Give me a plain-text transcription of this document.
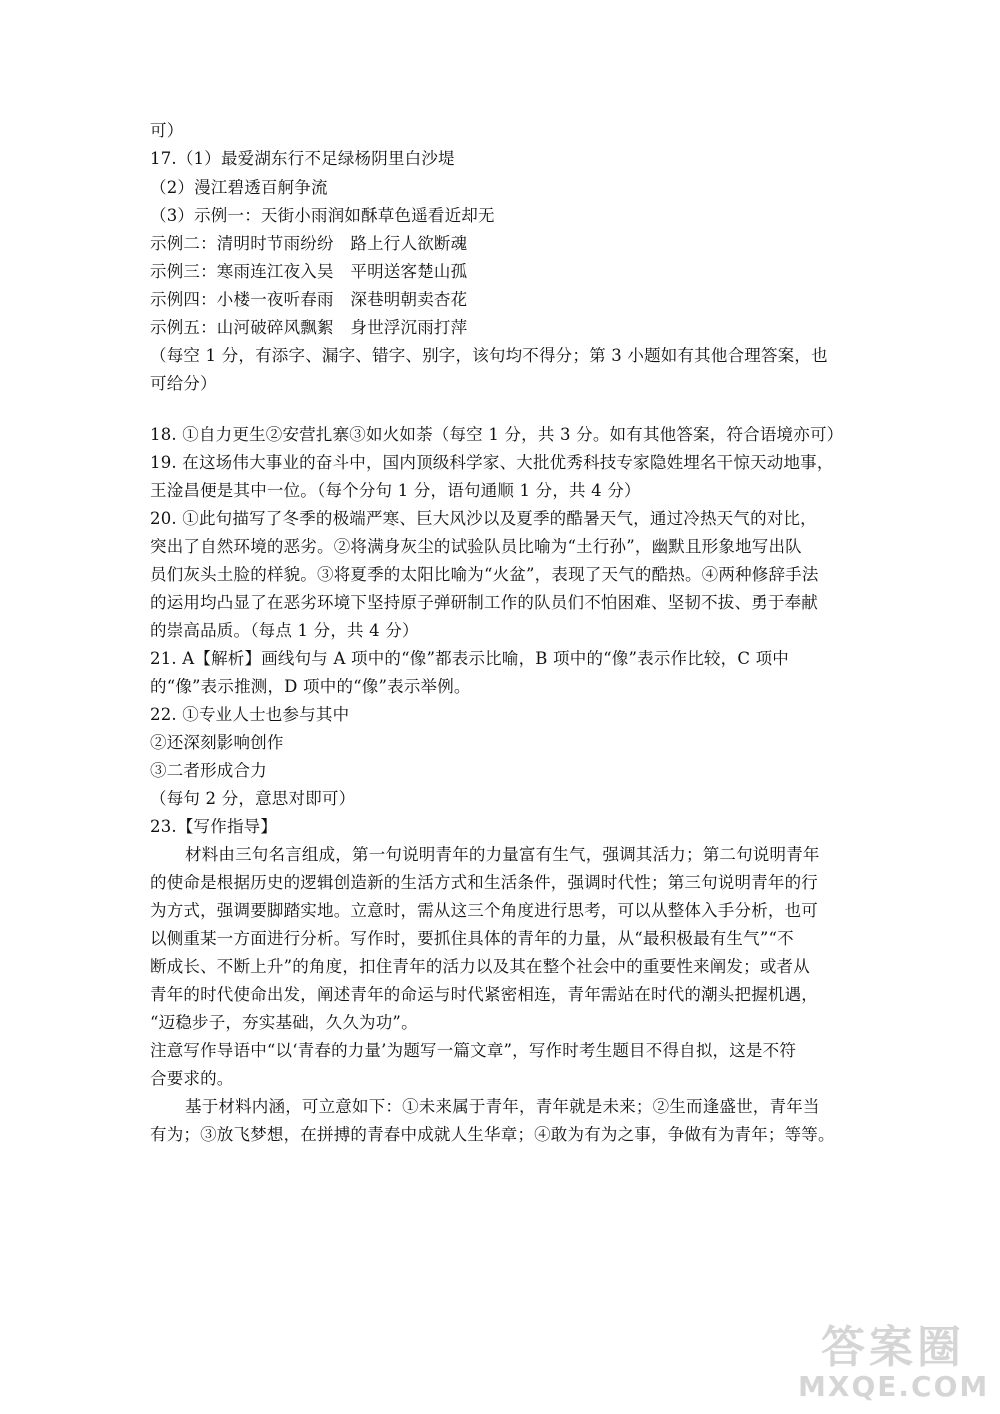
可）
17.（1）最爱湖东行不足绿杨阴里白沙堤
（2）漫江碧透百舸争流
（3）示例一：天街小雨润如酥草色遥看近却无
示例二：清明时节雨纷纷　路上行人欲断魂
示例三：寒雨连江夜入吴　平明送客楚山孤
示例四：小楼一夜听春雨　深巷明朝卖杏花
示例五：山河破碎风飘絮　身世浮沉雨打萍
（每空 1 分，有添字、漏字、错字、别字，该句均不得分；第 3 小题如有其他合理答案，也
可给分）
18. ①自力更生②安营扎寨③如火如荼（每空 1 分，共 3 分。如有其他答案，符合语境亦可）
19. 在这场伟大事业的奋斗中，国内顶级科学家、大批优秀科技专家隐姓埋名干惊天动地事，
王淦昌便是其中一位。（每个分句 1 分，语句通顺 1 分，共 4 分）
20. ①此句描写了冬季的极端严寒、巨大风沙以及夏季的酷暑天气，通过冷热天气的对比，
突出了自然环境的恶劣。②将满身灰尘的试验队员比喻为“土行孙”，幽默且形象地写出队
员们灰头土脸的样貌。③将夏季的太阳比喻为“火盆”，表现了天气的酷热。④两种修辞手法
的运用均凸显了在恶劣环境下坚持原子弹研制工作的队员们不怕困难、坚韧不拔、勇于奉献
的崇高品质。（每点 1 分，共 4 分）
21. A【解析】画线句与 A 项中的“像”都表示比喻，B 项中的“像”表示作比较，C 项中
的“像”表示推测，D 项中的“像”表示举例。
22. ①专业人士也参与其中
②还深刻影响创作
③二者形成合力
（每句 2 分，意思对即可）
23.【写作指导】
材料由三句名言组成，第一句说明青年的力量富有生气，强调其活力；第二句说明青年
的使命是根据历史的逻辑创造新的生活方式和生活条件，强调时代性；第三句说明青年的行
为方式，强调要脚踏实地。立意时，需从这三个角度进行思考，可以从整体入手分析，也可
以侧重某一方面进行分析。写作时，要抓住具体的青年的力量，从“最积极最有生气”“不
断成长、不断上升”的角度，扣住青年的活力以及其在整个社会中的重要性来阐发；或者从
青年的时代使命出发，阐述青年的命运与时代紧密相连，青年需站在时代的潮头把握机遇，
“迈稳步子，夯实基础，久久为功”。
注意写作导语中“以‘青春的力量’为题写一篇文章”，写作时考生题目不得自拟，这是不符
合要求的。
基于材料内涵，可立意如下：①未来属于青年，青年就是未来；②生而逢盛世，青年当
有为；③放飞梦想，在拼搏的青春中成就人生华章；④敢为有为之事，争做有为青年；等等。
答案圈
MXQE.COM
